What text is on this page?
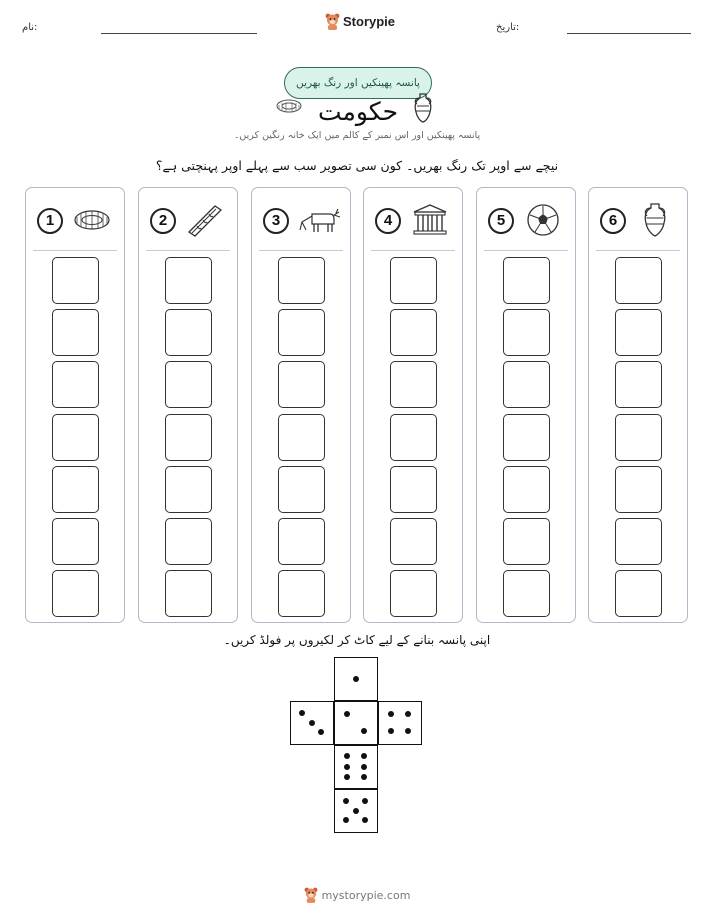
نام:	Storypie	تاریخ:
پانسہ پھینکیں اور رنگ بھریں
حکومت
پانسہ پھینکیں اور اس نمبر کے کالم میں ایک خانہ رنگین کریں۔
نیچے سے اوپر تک رنگ بھریں۔ کون سی تصویر سب سے پہلے اوپر پہنچتی ہے؟
1	2	3	4	5	6
اپنی پانسہ بنانے کے لیے کاٹ کر لکیروں پر فولڈ کریں۔
mystorypie.com
